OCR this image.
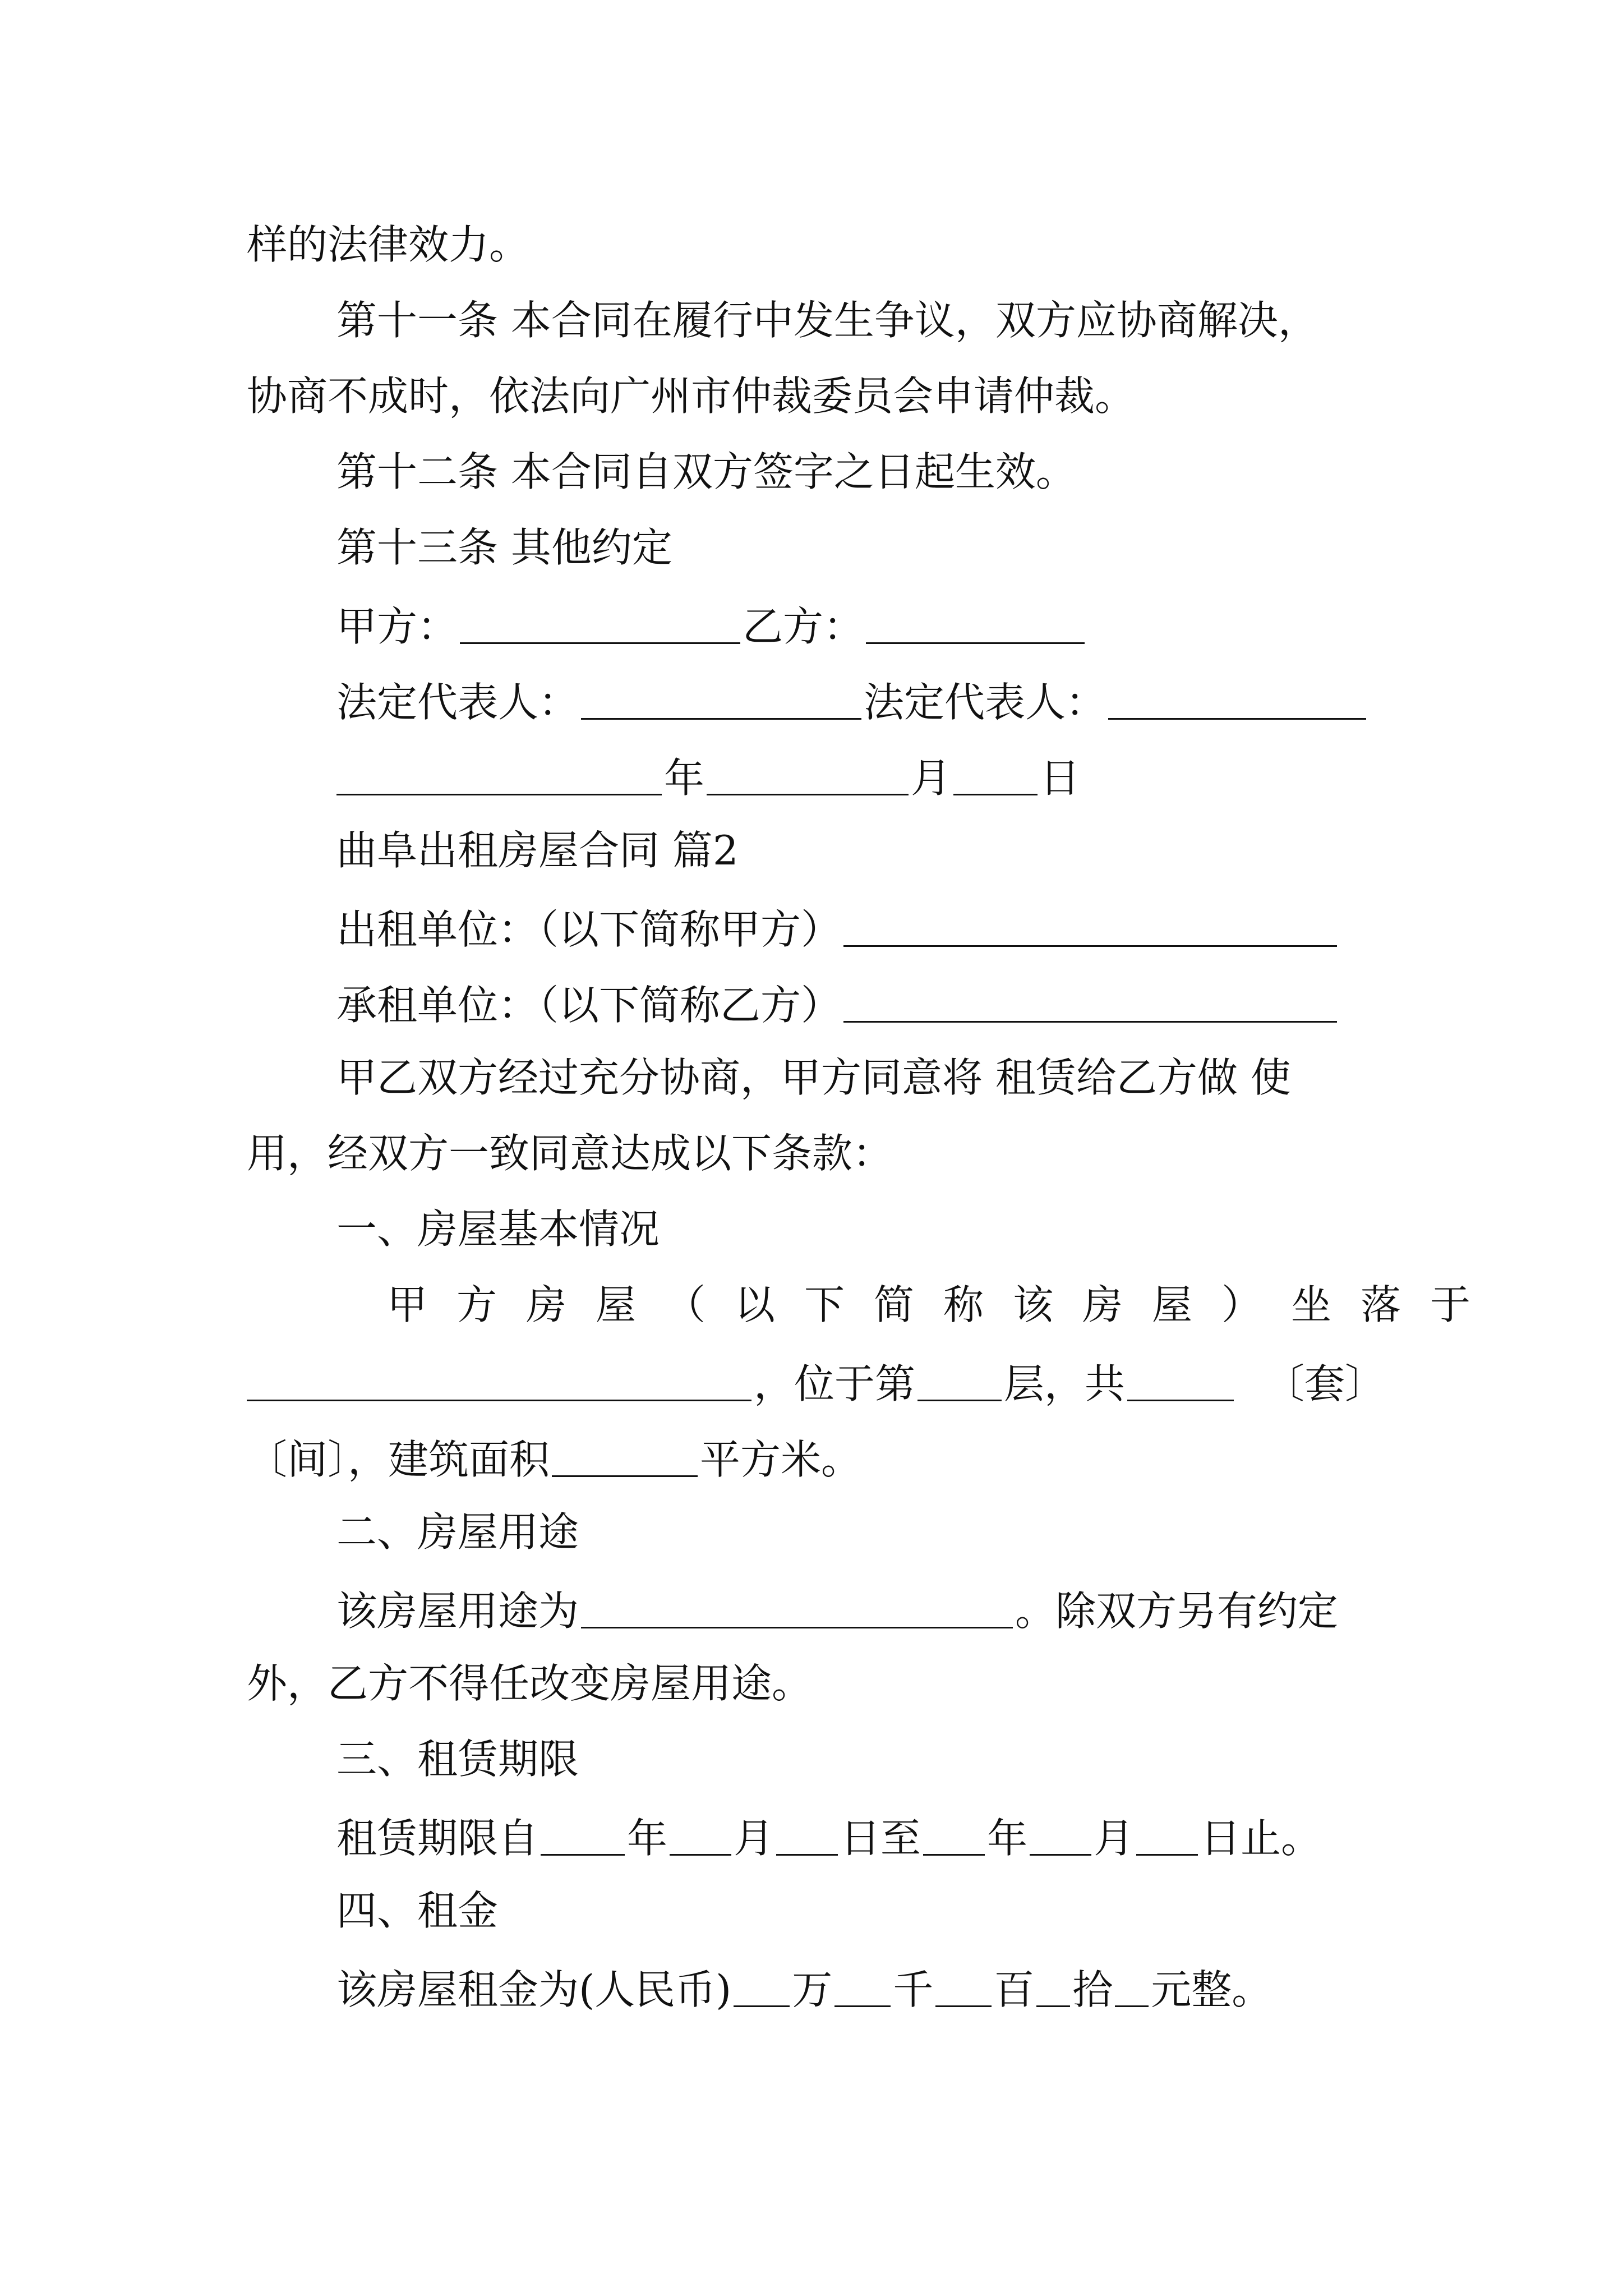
样的法律效力。
第十一条 本合同在履行中发生争议，双方应协商解决，
协商不成时，依法向广州市仲裁委员会申请仲裁。
第十二条 本合同自双方签字之日起生效。
第十三条 其他约定
甲方：	乙方：
法定代表人：	法定代表人：
年	月 日
曲阜出租房屋合同 篇2
出租单位：（以下简称甲方）
承租单位：（以下简称乙方）
甲乙双方经过充分协商，甲方同意将 租赁给乙方做 使
用，经双方一致同意达成以下条款：
一、房屋基本情况
甲方房屋（以下简称该房屋）坐落于
，位于第 层，共	〔套〕
〔间〕，建筑面积	平方米。
二、房屋用途
该房屋用途为	。除双方另有约定
外，乙方不得任改变房屋用途。
三、租赁期限
租赁期限自 年 月 日至 年 月 日止。
四、租金
该房屋租金为(人民币) 万 千 百 拾 元整。
